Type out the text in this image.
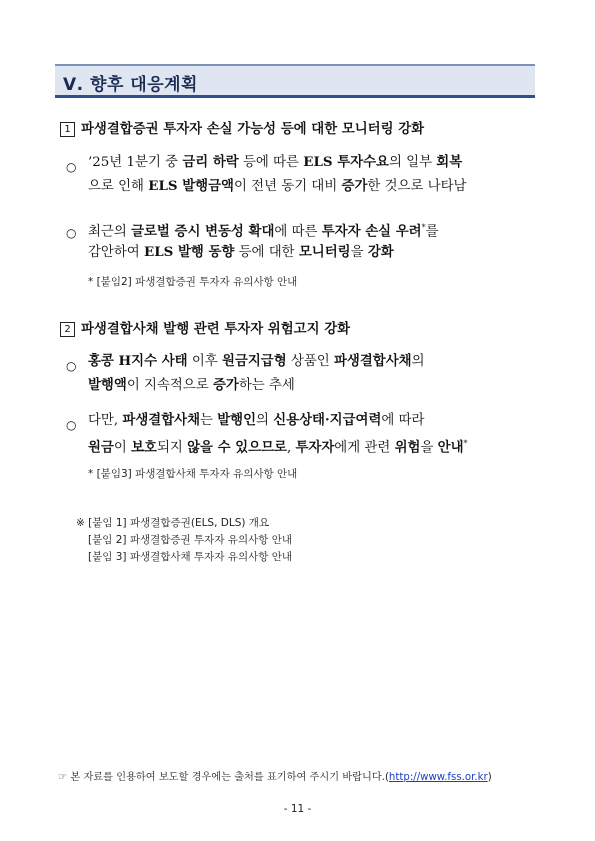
Ⅴ. 향후 대응계획
1 파생결합증권 투자자 손실 가능성 등에 대한 모니터링 강화
○ ’25년 1분기 중 금리 하락 등에 따른 ELS 투자수요의 일부 회복
으로 인해 ELS 발행금액이 전년 동기 대비 증가한 것으로 나타남
○ 최근의 글로벌 증시 변동성 확대에 따른 투자자 손실 우려*를
감안하여 ELS 발행 동향 등에 대한 모니터링을 강화
* [붙임2] 파생결합증권 투자자 유의사항 안내
2 파생결합사채 발행 관련 투자자 위험고지 강화
○ 홍콩 H지수 사태 이후 원금지급형 상품인 파생결합사채의
발행액이 지속적으로 증가하는 추세
○ 다만, 파생결합사채는 발행인의 신용상태·지급여력에 따라
원금이 보호되지 않을 수 있으므로, 투자자에게 관련 위험을 안내*
* [붙임3] 파생결합사채 투자자 유의사항 안내
※ [붙임 1] 파생결합증권(ELS, DLS) 개요
[붙임 2] 파생결합증권 투자자 유의사항 안내
[붙임 3] 파생결합사채 투자자 유의사항 안내
☞ 본 자료를 인용하여 보도할 경우에는 출처를 표기하여 주시기 바랍니다.(http://www.fss.or.kr)
- 11 -
